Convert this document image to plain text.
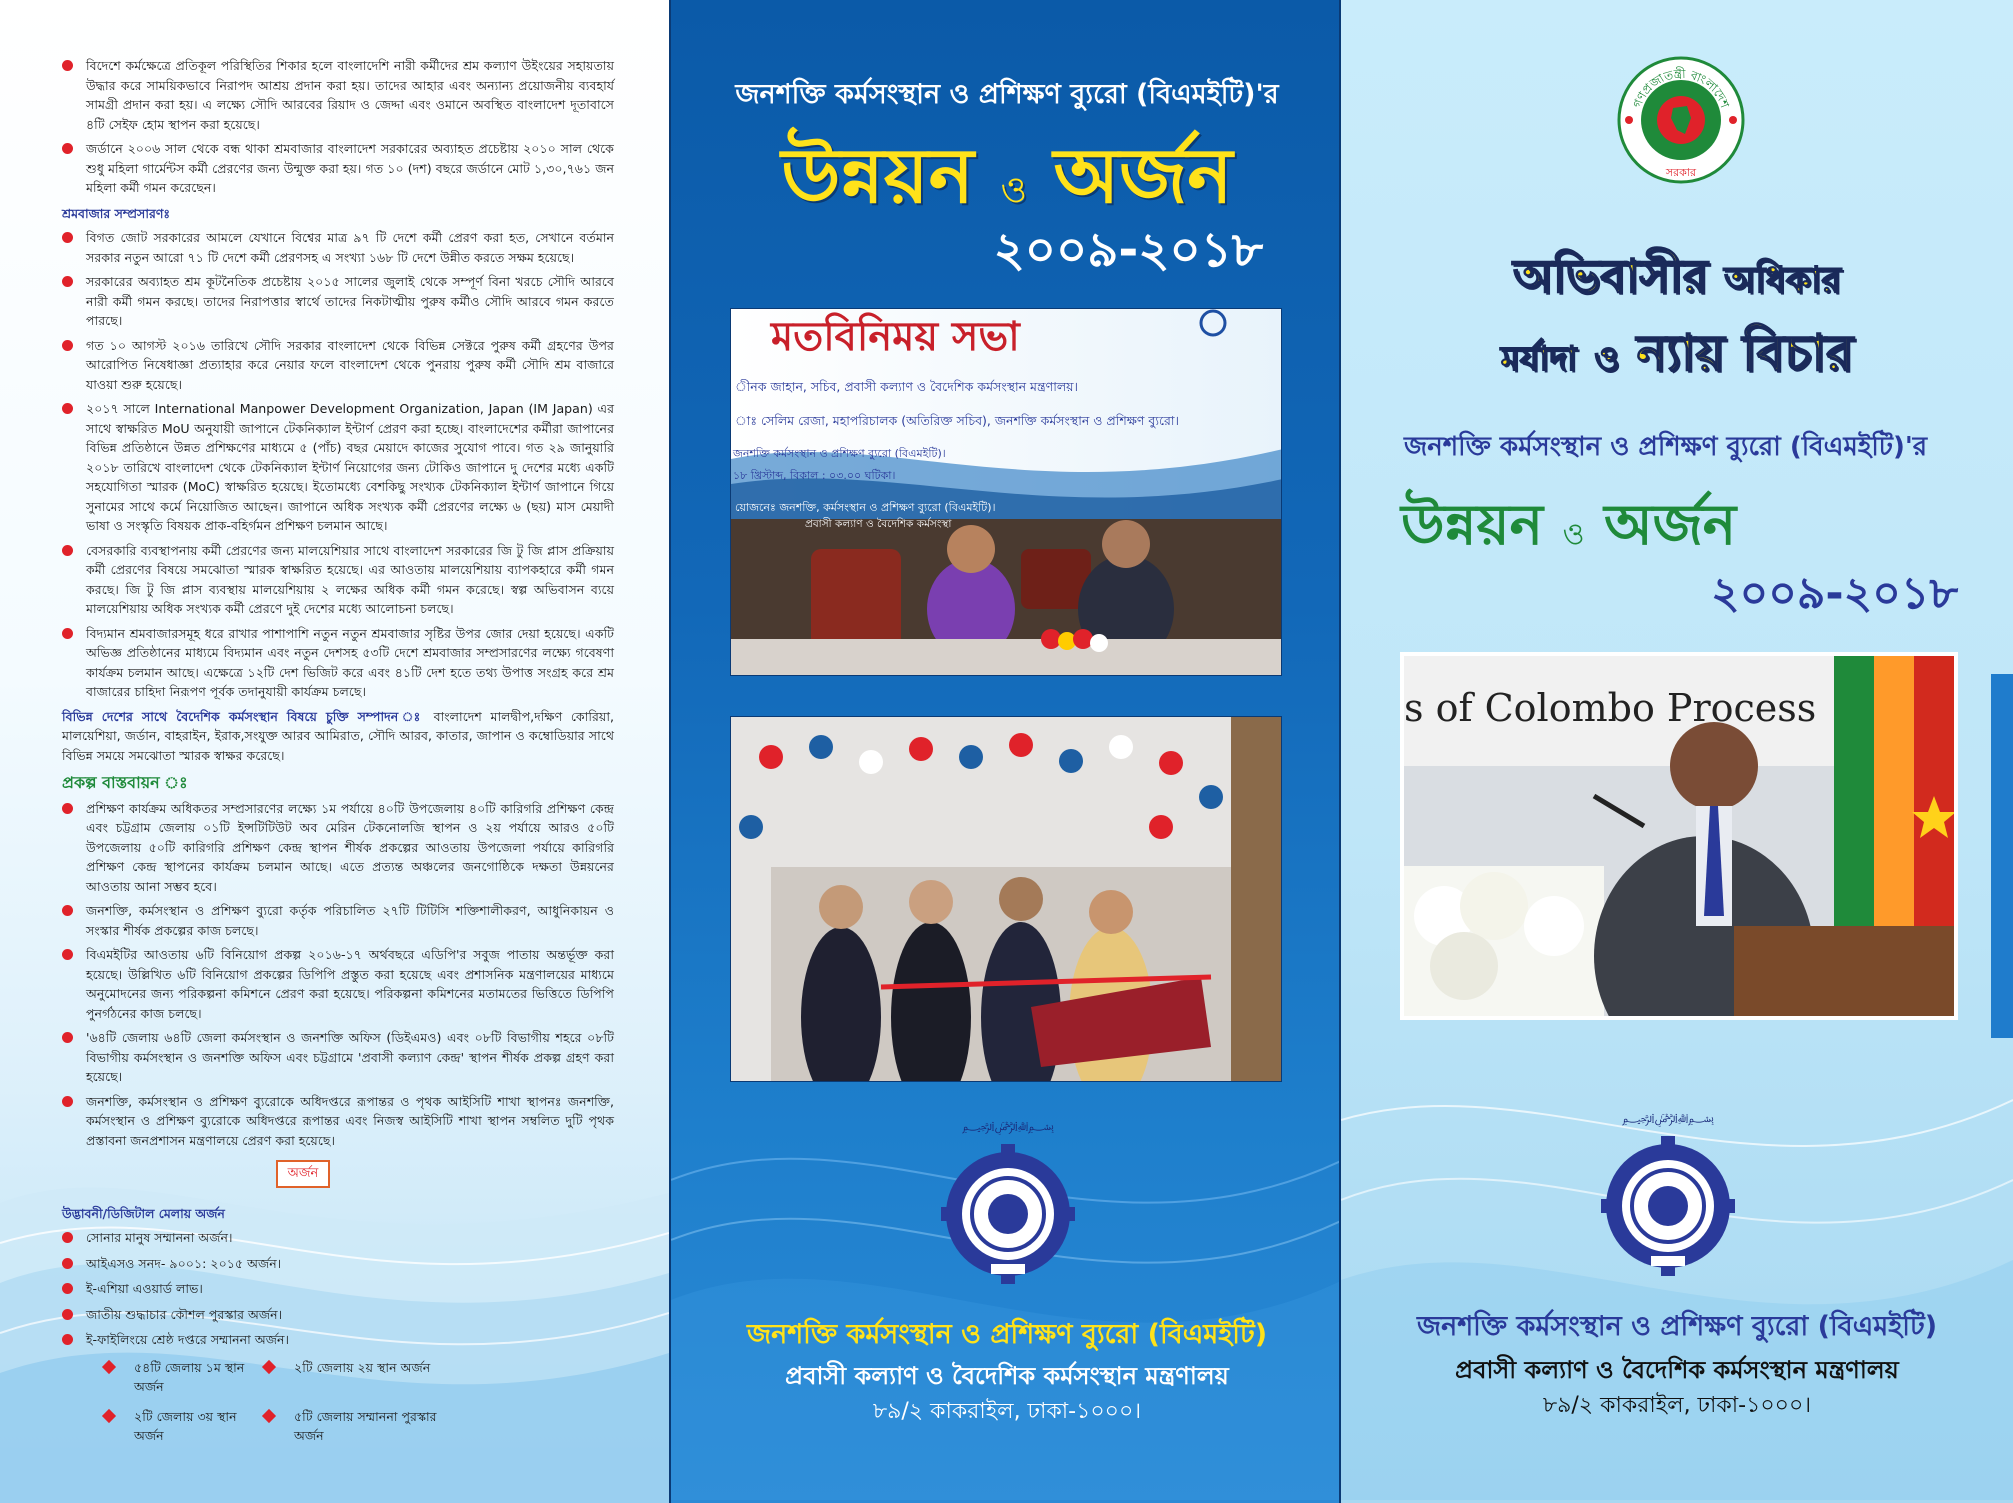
বিদেশে কর্মক্ষেত্রে প্রতিকূল পরিস্থিতির শিকার হলে বাংলাদেশি নারী কর্মীদের শ্রম কল্যাণ উইংয়ের সহায়তায় উদ্ধার করে সাময়িকভাবে নিরাপদ আশ্রয় প্রদান করা হয়। তাদের আহার এবং অন্যান্য প্রয়োজনীয় ব্যবহার্য সামগ্রী প্রদান করা হয়। এ লক্ষ্যে সৌদি আরবের রিয়াদ ও জেদ্দা এবং ওমানে অবস্থিত বাংলাদেশ দূতাবাসে ৪টি সেইফ হোম স্থাপন করা হয়েছে।
জর্ডানে ২০০৬ সাল থেকে বন্ধ থাকা শ্রমবাজার বাংলাদেশ সরকারের অব্যাহত প্রচেষ্টায় ২০১০ সাল থেকে শুধু মহিলা গার্মেন্টস কর্মী প্রেরণের জন্য উন্মুক্ত করা হয়। গত ১০ (দশ) বছরে জর্ডানে মোট ১,৩০,৭৬১ জন মহিলা কর্মী গমন করেছেন।
শ্রমবাজার সম্প্রসারণঃ
বিগত জোট সরকারের আমলে যেখানে বিশ্বের মাত্র ৯৭ টি দেশে কর্মী প্রেরণ করা হত, সেখানে বর্তমান সরকার নতুন আরো ৭১ টি দেশে কর্মী প্রেরণসহ এ সংখ্যা ১৬৮ টি দেশে উন্নীত করতে সক্ষম হয়েছে।
সরকারের অব্যাহত শ্রম কূটনৈতিক প্রচেষ্টায় ২০১৫ সালের জুলাই থেকে সম্পূর্ণ বিনা খরচে সৌদি আরবে নারী কর্মী গমন করছে। তাদের নিরাপত্তার স্বার্থে তাদের নিকটাত্মীয় পুরুষ কর্মীও সৌদি আরবে গমন করতে পারছে।
গত ১০ আগস্ট ২০১৬ তারিখে সৌদি সরকার বাংলাদেশ থেকে বিভিন্ন সেক্টরে পুরুষ কর্মী গ্রহণের উপর আরোপিত নিষেধাজ্ঞা প্রত্যাহার করে নেয়ার ফলে বাংলাদেশ থেকে পুনরায় পুরুষ কর্মী সৌদি শ্রম বাজারে যাওয়া শুরু হয়েছে।
২০১৭ সালে International Manpower Development Organization, Japan (IM Japan) এর সাথে স্বাক্ষরিত MoU অনুযায়ী জাপানে টেকনিক্যাল ইন্টার্ণ প্রেরণ করা হচ্ছে। বাংলাদেশের কর্মীরা জাপানের বিভিন্ন প্রতিষ্ঠানে উন্নত প্রশিক্ষণের মাধ্যমে ৫ (পাঁচ) বছর মেয়াদে কাজের সুযোগ পাবে। গত ২৯ জানুয়ারি ২০১৮ তারিখে বাংলাদেশ থেকে টেকনিক্যাল ইন্টার্ণ নিয়োগের জন্য টোকিও জাপানে দু দেশের মধ্যে একটি সহযোগিতা স্মারক (MoC) স্বাক্ষরিত হয়েছে। ইতোমধ্যে বেশকিছু সংখ্যক টেকনিক্যাল ইন্টার্ণ জাপানে গিয়ে সুনামের সাথে কর্মে নিয়োজিত আছেন। জাপানে অধিক সংখ্যক কর্মী প্রেরণের লক্ষ্যে ৬ (ছয়) মাস মেয়াদী ভাষা ও সংস্কৃতি বিষয়ক প্রাক-বহির্গমন প্রশিক্ষণ চলমান আছে।
বেসরকারি ব্যবস্থাপনায় কর্মী প্রেরণের জন্য মালয়েশিয়ার সাথে বাংলাদেশ সরকারের জি টু জি প্লাস প্রক্রিয়ায় কর্মী প্রেরণের বিষয়ে সমঝোতা স্মারক স্বাক্ষরিত হয়েছে। এর আওতায় মালয়েশিয়ায় ব্যাপকহারে কর্মী গমন করছে। জি টু জি প্লাস ব্যবস্থায় মালয়েশিয়ায় ২ লক্ষের অধিক কর্মী গমন করেছে। স্বল্প অভিবাসন ব্যয়ে মালয়েশিয়ায় অধিক সংখ্যক কর্মী প্রেরণে দুই দেশের মধ্যে আলোচনা চলছে।
বিদ্যমান শ্রমবাজারসমূহ ধরে রাখার পাশাপাশি নতুন নতুন শ্রমবাজার সৃষ্টির উপর জোর দেয়া হয়েছে। একটি অভিজ্ঞ প্রতিষ্ঠানের মাধ্যমে বিদ্যমান এবং নতুন দেশসহ ৫৩টি দেশে শ্রমবাজার সম্প্রসারণের লক্ষ্যে গবেষণা কার্যক্রম চলমান আছে। এক্ষেত্রে ১২টি দেশ ভিজিট করে এবং ৪১টি দেশ হতে তথ্য উপাত্ত সংগ্রহ করে শ্রম বাজারের চাহিদা নিরূপণ পূর্বক তদানুযায়ী কার্যক্রম চলছে।
বিভিন্ন দেশের সাথে বৈদেশিক কর্মসংস্থান বিষয়ে চুক্তি সম্পাদন ঃ বাংলাদেশ মালদ্বীপ,দক্ষিণ কোরিয়া, মালয়েশিয়া, জর্ডান, বাহরাইন, ইরাক,সংযুক্ত আরব আমিরাত, সৌদি আরব, কাতার, জাপান ও কম্বোডিয়ার সাথে বিভিন্ন সময়ে সমঝোতা স্মারক স্বাক্ষর করেছে।
প্রকল্প বাস্তবায়ন ঃ
প্রশিক্ষণ কার্যক্রম অধিকতর সম্প্রসারণের লক্ষ্যে ১ম পর্যায়ে ৪০টি উপজেলায় ৪০টি কারিগরি প্রশিক্ষণ কেন্দ্র এবং চট্টগ্রাম জেলায় ০১টি ইন্সটিটিউট অব মেরিন টেকনোলজি স্থাপন ও ২য় পর্যায়ে আরও ৫০টি উপজেলায় ৫০টি কারিগরি প্রশিক্ষণ কেন্দ্র স্থাপন শীর্ষক প্রকল্পের আওতায় উপজেলা পর্যায়ে কারিগরি প্রশিক্ষণ কেন্দ্র স্থাপনের কার্যক্রম চলমান আছে। এতে প্রত্যন্ত অঞ্চলের জনগোষ্ঠিকে দক্ষতা উন্নয়নের আওতায় আনা সম্ভব হবে।
জনশক্তি, কর্মসংস্থান ও প্রশিক্ষণ ব্যুরো কর্তৃক পরিচালিত ২৭টি টিটিসি শক্তিশালীকরণ, আধুনিকায়ন ও সংস্কার শীর্ষক প্রকল্পের কাজ চলছে।
বিএমইটির আওতায় ৬টি বিনিয়োগ প্রকল্প ২০১৬-১৭ অর্থবছরে এডিপি'র সবুজ পাতায় অন্তর্ভূক্ত করা হয়েছে। উল্লিখিত ৬টি বিনিয়োগ প্রকল্পের ডিপিপি প্রস্তুত করা হয়েছে এবং প্রশাসনিক মন্ত্রণালয়ের মাধ্যমে অনুমোদনের জন্য পরিকল্পনা কমিশনে প্রেরণ করা হয়েছে। পরিকল্পনা কমিশনের মতামতের ভিত্তিতে ডিপিপি পুনর্গঠনের কাজ চলছে।
'৬৪টি জেলায় ৬৪টি জেলা কর্মসংস্থান ও জনশক্তি অফিস (ডিইএমও) এবং ০৮টি বিভাগীয় শহরে ০৮টি বিভাগীয় কর্মসংস্থান ও জনশক্তি অফিস এবং চট্টগ্রামে 'প্রবাসী কল্যাণ কেন্দ্র' স্থাপন শীর্ষক প্রকল্প গ্রহণ করা হয়েছে।
জনশক্তি, কর্মসংস্থান ও প্রশিক্ষণ ব্যুরোকে অধিদপ্তরে রূপান্তর ও পৃথক আইসিটি শাখা স্থাপনঃ জনশক্তি, কর্মসংস্থান ও প্রশিক্ষণ ব্যুরোকে অধিদপ্তরে রূপান্তর এবং নিজস্ব আইসিটি শাখা স্থাপন সম্বলিত দুটি পৃথক প্রস্তাবনা জনপ্রশাসন মন্ত্রণালয়ে প্রেরণ করা হয়েছে।
অর্জন
উদ্ভাবনী/ডিজিটাল মেলায় অর্জন
সোনার মানুষ সম্মাননা অর্জন।
আইএসও সনদ- ৯০০১: ২০১৫ অর্জন।
ই-এশিয়া এওয়ার্ড লাভ।
জাতীয় শুদ্ধাচার কৌশল পুরস্কার অর্জন।
ই-ফাইলিংয়ে শ্রেষ্ঠ দপ্তরে সম্মাননা অর্জন।
৫৪টি জেলায় ১ম স্থান অর্জন
২টি জেলায় ২য় স্থান অর্জন
২টি জেলায় ৩য় স্থান অর্জন
৫টি জেলায় সম্মাননা পুরস্কার অর্জন
জনশক্তি কর্মসংস্থান ও প্রশিক্ষণ ব্যুরো (বিএমইটি)'র
উন্নয়ন ও অর্জন
২০০৯-২০১৮
মতবিনিময় সভা
ীনক জাহান, সচিব, প্রবাসী কল্যাণ ও বৈদেশিক কর্মসংস্থান মন্ত্রণালয়।
াঃ সেলিম রেজা, মহাপরিচালক (অতিরিক্ত সচিব), জনশক্তি কর্মসংস্থান ও প্রশিক্ষণ ব্যুরো।
জনশক্তি কর্মসংস্থান ও প্রশিক্ষণ ব্যুরো (বিএমইটি)।
১৮ খ্রিস্টাব্দ, বিকাল : ০৩.০০ ঘটিকা।
য়োজনেঃ জনশক্তি, কর্মসংস্থান ও প্রশিক্ষণ ব্যুরো (বিএমইটি)।
প্রবাসী কল্যাণ ও বৈদেশিক কর্মসংস্থা
﷽
জনশক্তি কর্মসংস্থান ও প্রশিক্ষণ ব্যুরো (বিএমইটি)
প্রবাসী কল্যাণ ও বৈদেশিক কর্মসংস্থান মন্ত্রণালয়
৮৯/২ কাকরাইল, ঢাকা-১০০০।
গণপ্রজাতন্ত্রী বাংলাদেশ
সরকার
অভিবাসীর অধিকার
মর্যাদা ও ন্যায় বিচার
জনশক্তি কর্মসংস্থান ও প্রশিক্ষণ ব্যুরো (বিএমইটি)'র
উন্নয়ন ও অর্জন
২০০৯-২০১৮
s of Colombo Process
﷽
জনশক্তি কর্মসংস্থান ও প্রশিক্ষণ ব্যুরো (বিএমইটি)
প্রবাসী কল্যাণ ও বৈদেশিক কর্মসংস্থান মন্ত্রণালয়
৮৯/২ কাকরাইল, ঢাকা-১০০০।
